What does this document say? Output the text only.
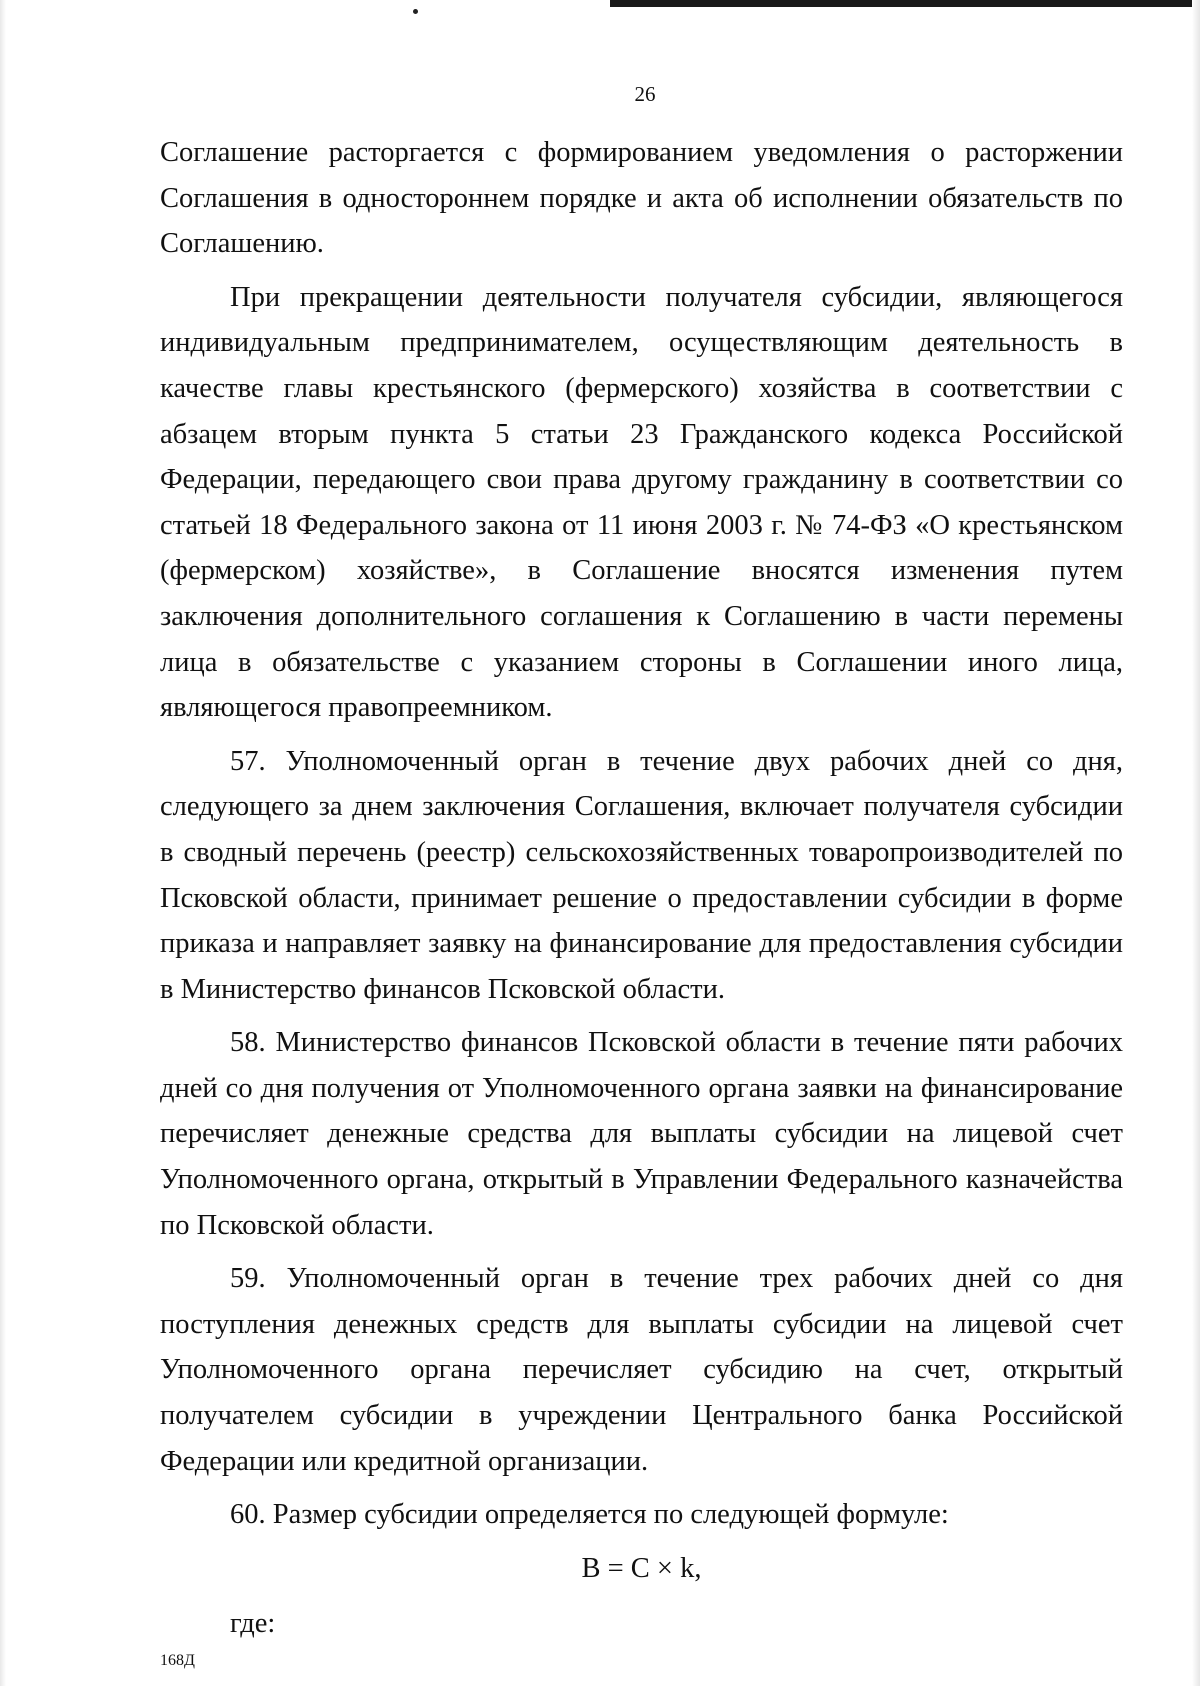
26

Соглашение расторгается с формированием уведомления о расторжении Соглашения в одностороннем порядке и акта об исполнении обязательств по Соглашению.

При прекращении деятельности получателя субсидии, являющегося индивидуальным предпринимателем, осуществляющим деятельность в качестве главы крестьянского (фермерского) хозяйства в соответствии с абзацем вторым пункта 5 статьи 23 Гражданского кодекса Российской Федерации, передающего свои права другому гражданину в соответствии со статьей 18 Федерального закона от 11 июня 2003 г. № 74-ФЗ «О крестьянском (фермерском) хозяйстве», в Соглашение вносятся изменения путем заключения дополнительного соглашения к Соглашению в части перемены лица в обязательстве с указанием стороны в Соглашении иного лица, являющегося правопреемником.

57. Уполномоченный орган в течение двух рабочих дней со дня, следующего за днем заключения Соглашения, включает получателя субсидии в сводный перечень (реестр) сельскохозяйственных товаропроизводителей по Псковской области, принимает решение о предоставлении субсидии в форме приказа и направляет заявку на финансирование для предоставления субсидии в Министерство финансов Псковской области.

58. Министерство финансов Псковской области в течение пяти рабочих дней со дня получения от Уполномоченного органа заявки на финансирование перечисляет денежные средства для выплаты субсидии на лицевой счет Уполномоченного органа, открытый в Управлении Федерального казначейства по Псковской области.

59. Уполномоченный орган в течение трех рабочих дней со дня поступления денежных средств для выплаты субсидии на лицевой счет Уполномоченного органа перечисляет субсидию на счет, открытый получателем субсидии в учреждении Центрального банка Российской Федерации или кредитной организации.

60. Размер субсидии определяется по следующей формуле:

B = C × k,

где:

168Д
